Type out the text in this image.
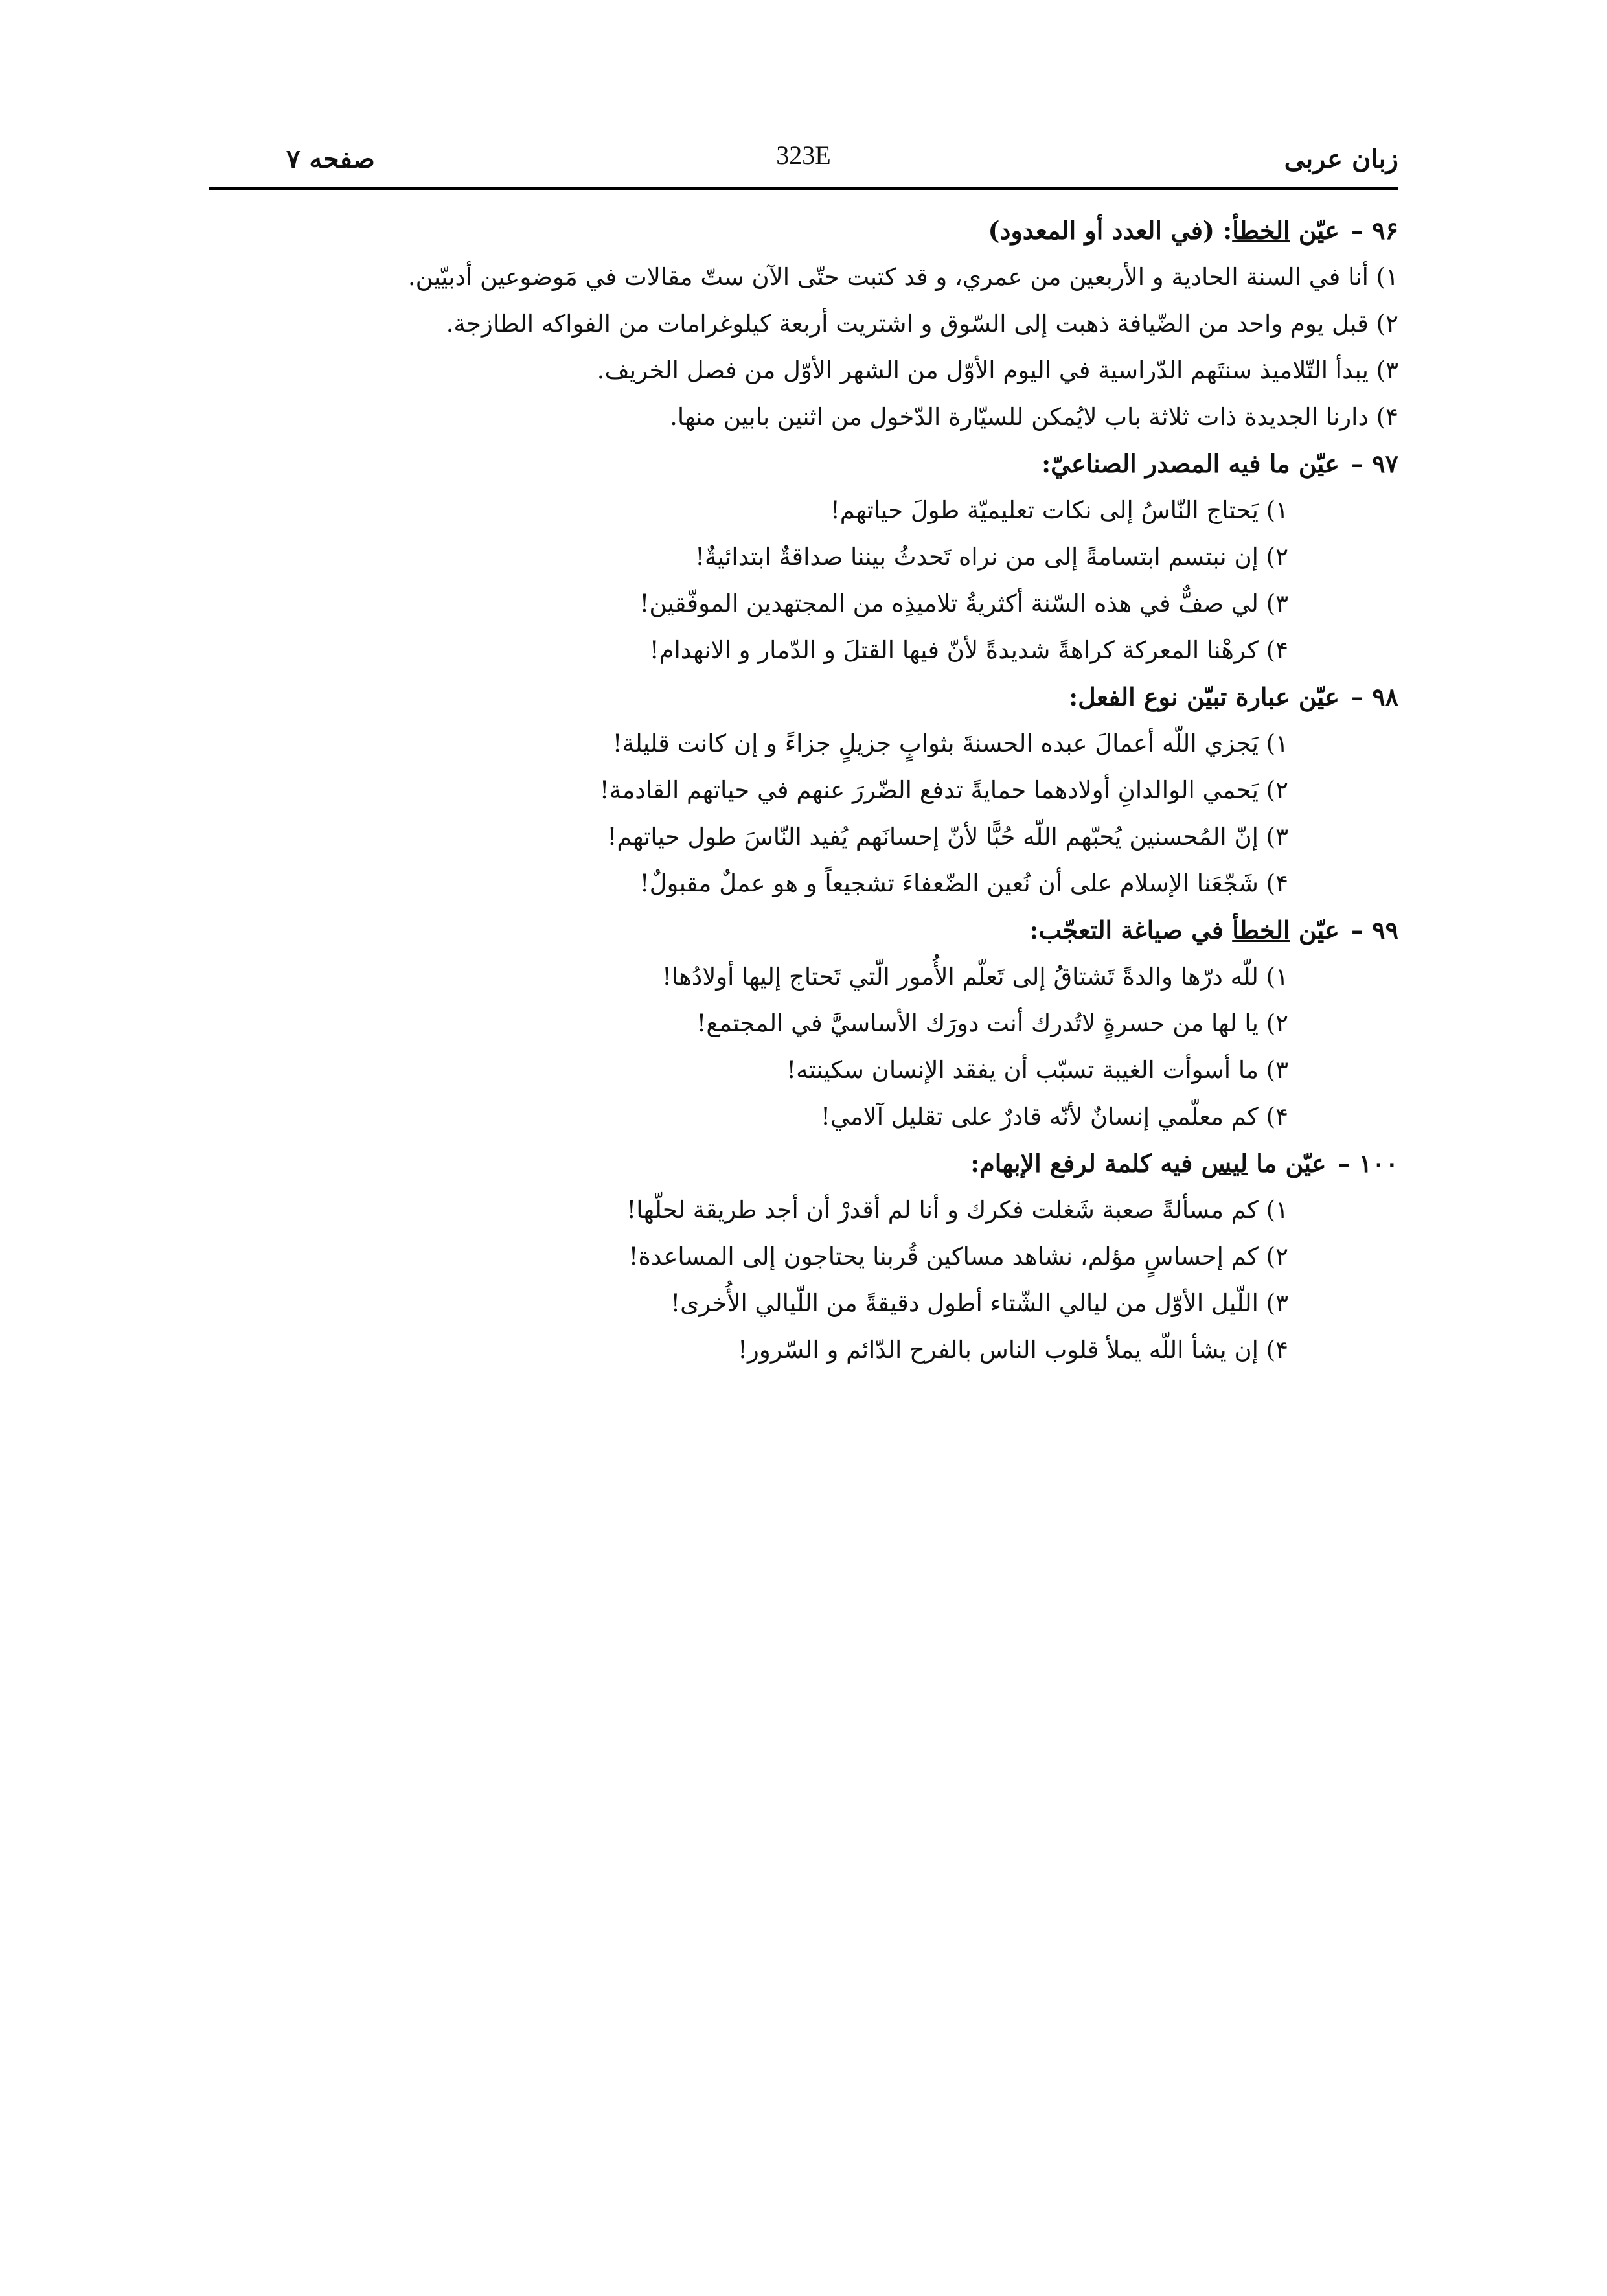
زبان عربی
323E
صفحه ۷
۹۶ –عیّن الخطأ: (في العدد أو المعدود)
۱) أنا في السنة الحادية و الأربعين من عمري، و قد كتبت حتّى الآن ستّ مقالات في مَوضوعين أدبيّين.
۲) قبل يوم واحد من الضّيافة ذهبت إلى السّوق و اشتريت أربعة كيلوغرامات من الفواكه الطازجة.
۳) يبدأ التّلاميذ سنتَهم الدّراسية في اليوم الأوّل من الشهر الأوّل من فصل الخريف.
۴) دارنا الجديدة ذات ثلاثة باب لايُمكن للسيّارة الدّخول من اثنين بابين منها.
۹۷ –عيّن ما فيه المصدر الصناعيّ:
۱) يَحتاج النّاسُ إلى نكات تعليميّة طولَ حياتهم!
۲) إن نبتسم ابتسامةً إلى من نراه تَحدثُ بيننا صداقةٌ ابتدائيةٌ!
۳) لي صفٌّ في هذه السّنة أكثريةُ تلاميذِه من المجتهدين الموفّقين!
۴) كرهْنا المعركة كراهةً شديدةً لأنّ فيها القتلَ و الدّمار و الانهدام!
۹۸ –عيّن عبارة تبيّن نوع الفعل:
۱) يَجزي اللّه أعمالَ عبده الحسنةَ بثوابٍ جزيلٍ جزاءً و إن كانت قليلة!
۲) يَحمي الوالدانِ أولادهما حمايةً تدفع الضّررَ عنهم في حياتهم القادمة!
۳) إنّ المُحسنين يُحبّهم اللّه حُبًّا لأنّ إحسانَهم يُفيد النّاسَ طول حياتهم!
۴) شَجّعَنا الإسلام على أن نُعين الضّعفاءَ تشجيعاً و هو عملٌ مقبولٌ!
۹۹ –عيّن الخطأ في صياغة التعجّب:
۱) للّه درّها والدةً تَشتاقُ إلى تَعلّم الأُمور الّتي تَحتاج إليها أولادُها!
۲) يا لها من حسرةٍ لاتُدرك أنت دورَك الأساسيَّ في المجتمع!
۳) ما أسوأت الغيبة تسبّب أن يفقد الإنسان سكينته!
۴) كم معلّمي إنسانٌ لأنّه قادرٌ على تقليل آلامي!
۱۰۰ –عيّن ما ليس فيه كلمة لرفع الإبهام:
۱) كم مسألةً صعبة شَغلت فكرك و أنا لم أقدرْ أن أجد طريقة لحلّها!
۲) كم إحساسٍ مؤلم، نشاهد مساكين قُربنا يحتاجون إلى المساعدة!
۳) اللّيل الأوّل من ليالي الشّتاء أطول دقيقةً من اللّيالي الأُخرى!
۴) إن يشأ اللّه يملأ قلوب الناس بالفرح الدّائم و السّرور!
